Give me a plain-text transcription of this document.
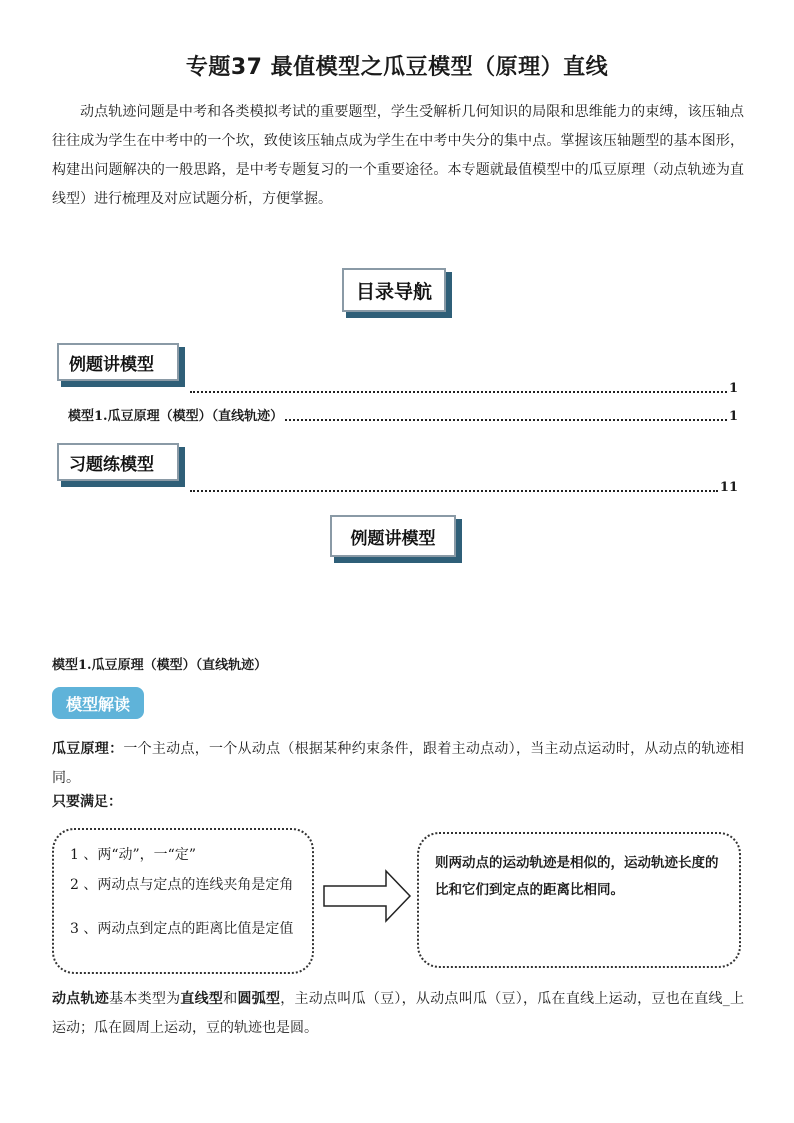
专题37 最值模型之瓜豆模型（原理）直线
动点轨迹问题是中考和各类模拟考试的重要题型，学生受解析几何知识的局限和思维能力的束缚，该压轴点往往成为学生在中考中的一个坎，致使该压轴点成为学生在中考中失分的集中点。掌握该压轴题型的基本图形，构建出问题解决的一般思路，是中考专题复习的一个重要途径。本专题就最值模型中的瓜豆原理（动点轨迹为直线型）进行梳理及对应试题分析，方便掌握。
目录导航
例题讲模型
1
模型1.瓜豆原理（模型）（直线轨迹）	1
习题练模型
11
例题讲模型
模型1.瓜豆原理（模型）（直线轨迹）
模型解读
瓜豆原理：一个主动点，一个从动点（根据某种约束条件，跟着主动点动），当主动点运动时，从动点的轨迹相同。
只要满足：
1 、两“动”，一“定”
2 、两动点与定点的连线夹角是定角
3 、两动点到定点的距离比值是定值
则两动点的运动轨迹是相似的，运动轨迹长度的比和它们到定点的距离比相同。
动点轨迹基本类型为直线型和圆弧型，主动点叫瓜（豆），从动点叫瓜（豆），瓜在直线上运动，豆也在直线_上运动；瓜在圆周上运动，豆的轨迹也是圆。
